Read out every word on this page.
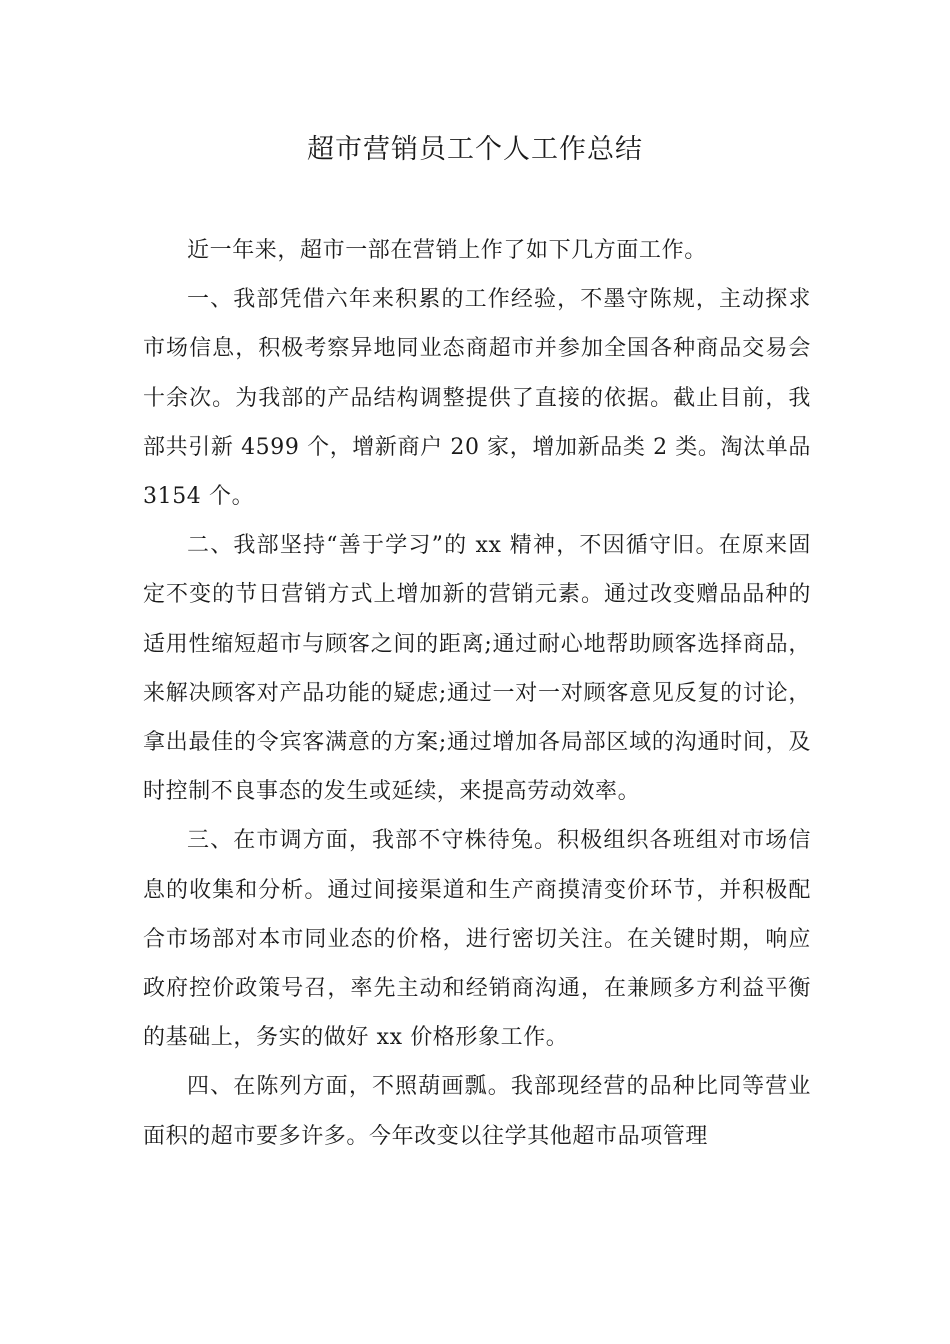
超市营销员工个人工作总结

近一年来，超市一部在营销上作了如下几方面工作。

一、我部凭借六年来积累的工作经验，不墨守陈规，主动探求市场信息，积极考察异地同业态商超市并参加全国各种商品交易会十余次。为我部的产品结构调整提供了直接的依据。截止目前，我部共引新 4599 个，增新商户 20 家，增加新品类 2 类。淘汰单品 3154 个。

二、我部坚持“善于学习”的 xx 精神，不因循守旧。在原来固定不变的节日营销方式上增加新的营销元素。通过改变赠品品种的适用性缩短超市与顾客之间的距离;通过耐心地帮助顾客选择商品，来解决顾客对产品功能的疑虑;通过一对一对顾客意见反复的讨论，拿出最佳的令宾客满意的方案;通过增加各局部区域的沟通时间，及时控制不良事态的发生或延续，来提高劳动效率。

三、在市调方面，我部不守株待兔。积极组织各班组对市场信息的收集和分析。通过间接渠道和生产商摸清变价环节，并积极配合市场部对本市同业态的价格，进行密切关注。在关键时期，响应政府控价政策号召，率先主动和经销商沟通，在兼顾多方利益平衡的基础上，务实的做好 xx 价格形象工作。

四、在陈列方面，不照葫画瓢。我部现经营的品种比同等营业面积的超市要多许多。今年改变以往学其他超市品项管理
